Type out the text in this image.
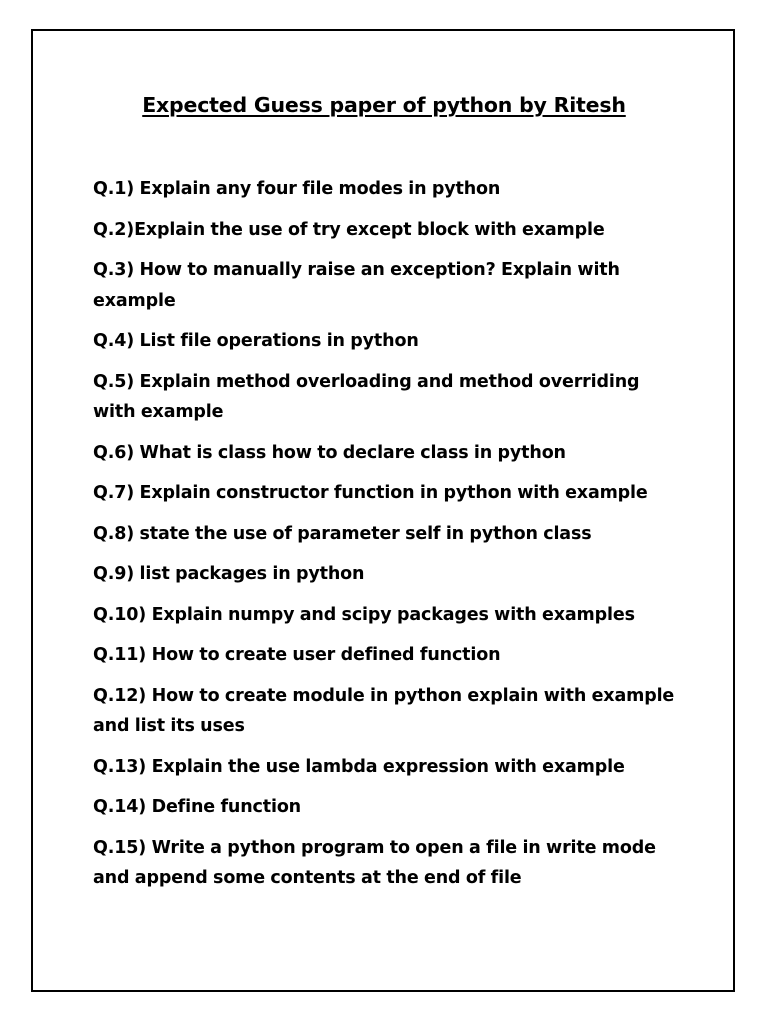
Expected Guess paper of python by Ritesh
Q.1) Explain any four file modes in python
Q.2)Explain the use of try except block with example
Q.3) How to manually raise an exception? Explain with example
Q.4) List file operations in python
Q.5) Explain method overloading and method overriding with example
Q.6) What is class how to declare class in python
Q.7) Explain constructor function in python with example
Q.8) state the use of parameter self in python class
Q.9) list packages in python
Q.10) Explain numpy and scipy packages with examples
Q.11) How to create user defined function
Q.12) How to create module in python explain with example and list its uses
Q.13) Explain the use lambda expression with example
Q.14) Define function
Q.15) Write a python program to open a file in write mode and append some contents at the end of file
